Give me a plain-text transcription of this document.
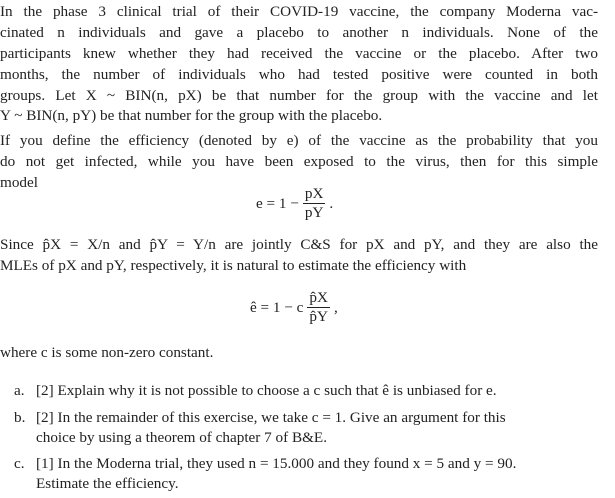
In the phase 3 clinical trial of their COVID-19 vaccine, the company Moderna vac-
cinated n individuals and gave a placebo to another n individuals. None of the
participants knew whether they had received the vaccine or the placebo. After two
months, the number of individuals who had tested positive were counted in both
groups. Let X ~ BIN(n, pX) be that number for the group with the vaccine and let
Y ~ BIN(n, pY) be that number for the group with the placebo.
If you define the efficiency (denoted by e) of the vaccine as the probability that you
do not get infected, while you have been exposed to the virus, then for this simple
model
$e = 1 - \frac{pX}{pY}$ .
Since p̂X = X/n and p̂Y = Y/n are jointly C&S for pX and pY, and they are also the
MLEs of pX and pY, respectively, it is natural to estimate the efficiency with
ê = 1 − c $\frac{p̂X}{p̂Y}$ ,
where c is some non-zero constant.
a. [2] Explain why it is not possible to choose a c such that ê is unbiased for e.
b. [2] In the remainder of this exercise, we take c = 1. Give an argument for this
choice by using a theorem of chapter 7 of B&E.
c. [1] In the Moderna trial, they used n = 15.000 and they found x = 5 and y = 90.
Estimate the efficiency.
